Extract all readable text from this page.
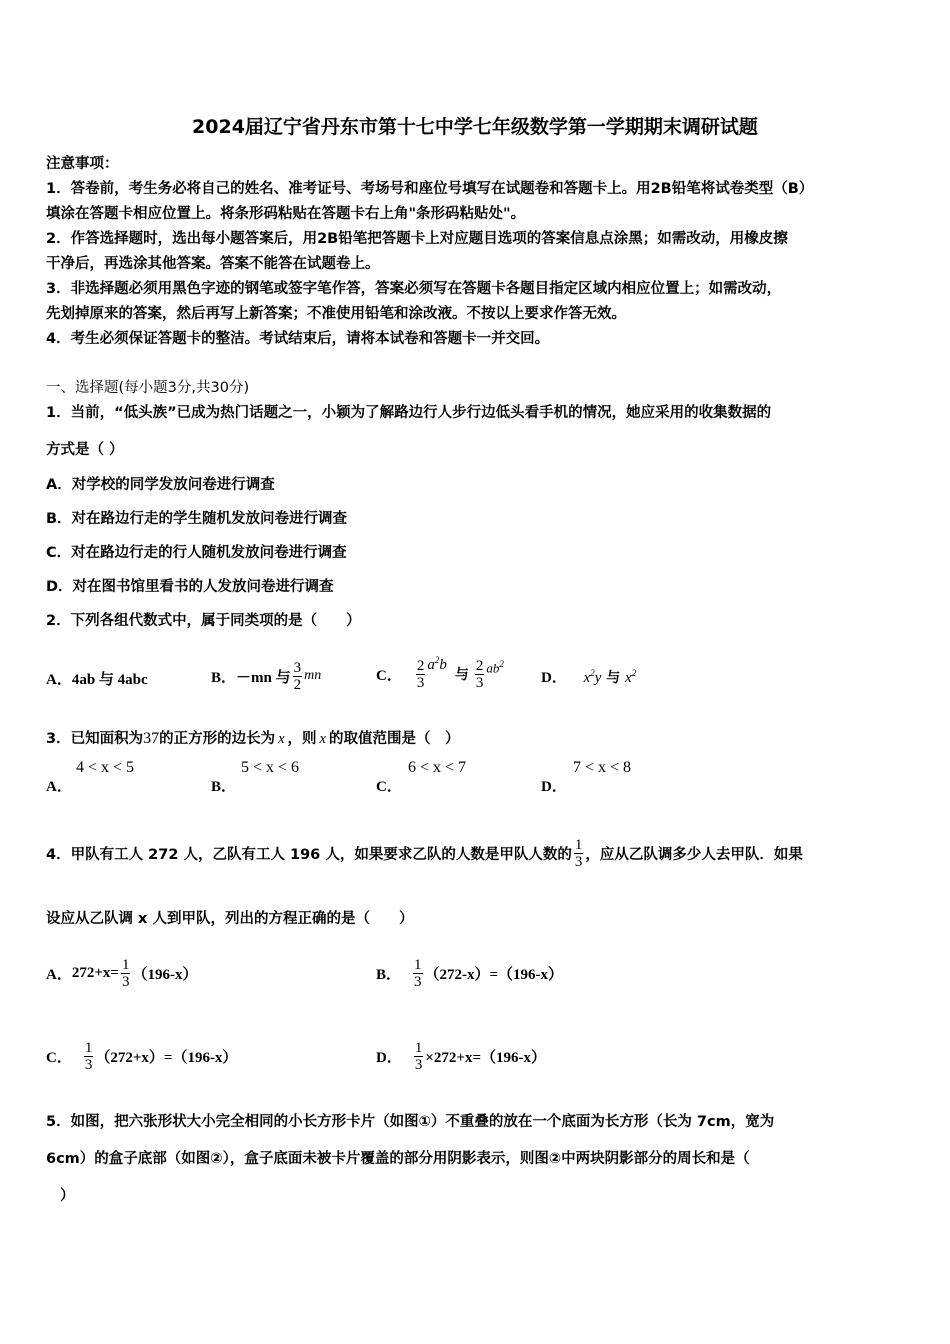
2024届辽宁省丹东市第十七中学七年级数学第一学期期末调研试题
注意事项：
1．答卷前，考生务必将自己的姓名、准考证号、考场号和座位号填写在试题卷和答题卡上。用2B铅笔将试卷类型（B）
填涂在答题卡相应位置上。将条形码粘贴在答题卡右上角"条形码粘贴处"。
2．作答选择题时，选出每小题答案后，用2B铅笔把答题卡上对应题目选项的答案信息点涂黑；如需改动，用橡皮擦
干净后，再选涂其他答案。答案不能答在试题卷上。
3．非选择题必须用黑色字迹的钢笔或签字笔作答，答案必须写在答题卡各题目指定区域内相应位置上；如需改动，
先划掉原来的答案，然后再写上新答案；不准使用铅笔和涂改液。不按以上要求作答无效。
4．考生必须保证答题卡的整洁。考试结束后，请将本试卷和答题卡一并交回。
一、选择题(每小题3分,共30分)
1．当前，“低头族”已成为热门话题之一，小颖为了解路边行人步行边低头看手机的情况，她应采用的收集数据的
方式是（ ）
A．对学校的同学发放问卷进行调查
B．对在路边行走的学生随机发放问卷进行调查
C．对在路边行走的行人随机发放问卷进行调查
D．对在图书馆里看书的人发放问卷进行调查
2．下列各组代数式中，属于同类项的是（　　）
A．4ab 与 4abc	B． －mn 与 $\frac{3}{2}$ mn	C． $\frac{2}{3} a^2b$
与 $\frac{2}{3} ab^2$
D． $x^2y$ 与 $x^2$
3．已知面积为37的正方形的边长为 x ，则 x 的取值范围是（　）
A．
4 < x < 5
B．
5 < x < 6
C．
6 < x < 7
D．
7 < x < 8
4．甲队有工人 272 人，乙队有工人 196 人，如果要求乙队的人数是甲队人数的 $\frac{1}{3}$ ，应从乙队调多少人去甲队．如果
设应从乙队调 x 人到甲队，列出的方程正确的是（　　）
A． $272+x= \frac{1}{3} (196-x)$	B． $\frac{1}{3} (272-x)=(196-x)$
C． $\frac{1}{3} (272+x)=(196-x)$	D． $\frac{1}{3} \times 272+x=(196-x)$
5．如图，把六张形状大小完全相同的小长方形卡片（如图①）不重叠的放在一个底面为长方形（长为 7cm，宽为
6cm）的盒子底部（如图②），盒子底面未被卡片覆盖的部分用阴影表示，则图②中两块阴影部分的周长和是（
）
